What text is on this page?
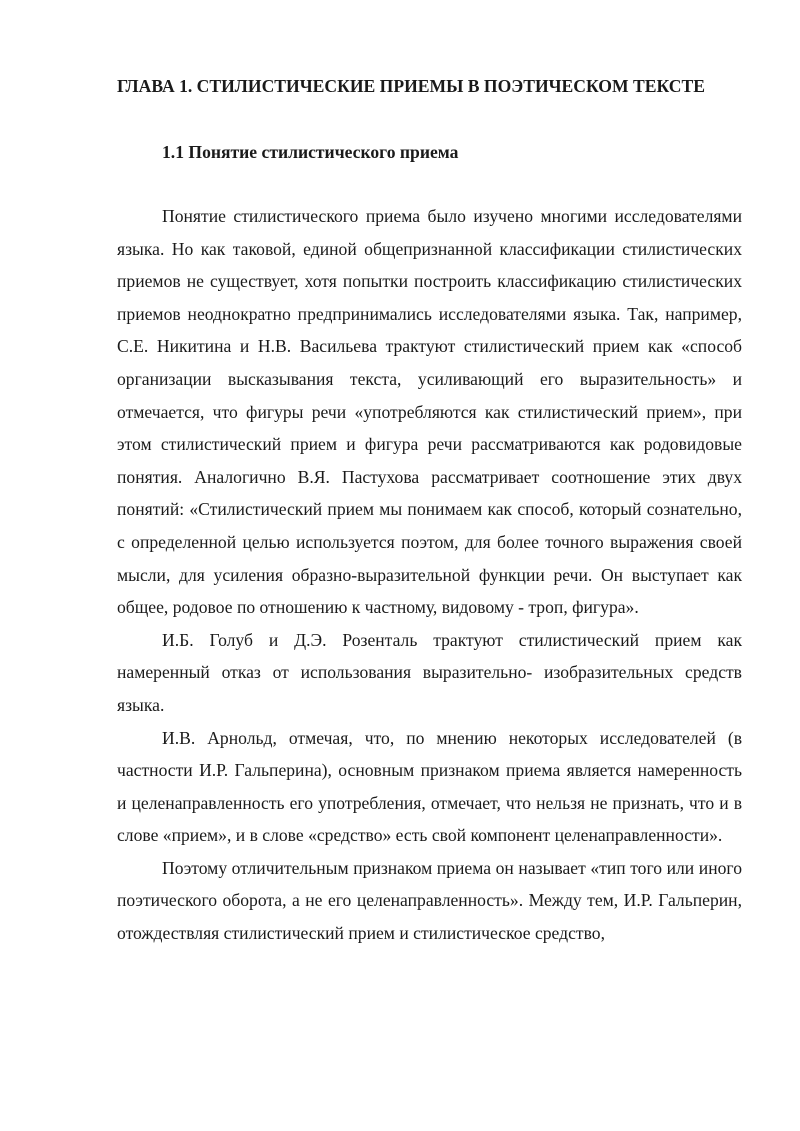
ГЛАВА 1. СТИЛИСТИЧЕСКИЕ ПРИЕМЫ В ПОЭТИЧЕСКОМ ТЕКСТЕ
1.1 Понятие стилистического приема

Понятие стилистического приема было изучено многими исследователями языка. Но как таковой, единой общепризнанной классификации стилистических приемов не существует, хотя попытки построить классификацию стилистических приемов неоднократно предпринимались исследователями языка. Так, например, С.Е. Никитина и Н.В. Васильева трактуют стилистический прием как «способ организации высказывания текста, усиливающий его выразительность» и отмечается, что фигуры речи «употребляются как стилистический прием», при этом стилистический прием и фигура речи рассматриваются как родовидовые понятия. Аналогично В.Я. Пастухова рассматривает соотношение этих двух понятий: «Стилистический прием мы понимаем как способ, который сознательно, с определенной целью используется поэтом, для более точного выражения своей мысли, для усиления образно-выразительной функции речи. Он выступает как общее, родовое по отношению к частному, видовому - троп, фигура».

И.Б. Голуб и Д.Э. Розенталь трактуют стилистический прием как намеренный отказ от использования выразительно- изобразительных средств языка.

И.В. Арнольд, отмечая, что, по мнению некоторых исследователей (в частности И.Р. Гальперина), основным признаком приема является намеренность и целенаправленность его употребления, отмечает, что нельзя не признать, что и в слове «прием», и в слове «средство» есть свой компонент целенаправленности».

Поэтому отличительным признаком приема он называет «тип того или иного поэтического оборота, а не его целенаправленность». Между тем, И.Р. Гальперин, отождествляя стилистический прием и стилистическое средство,
